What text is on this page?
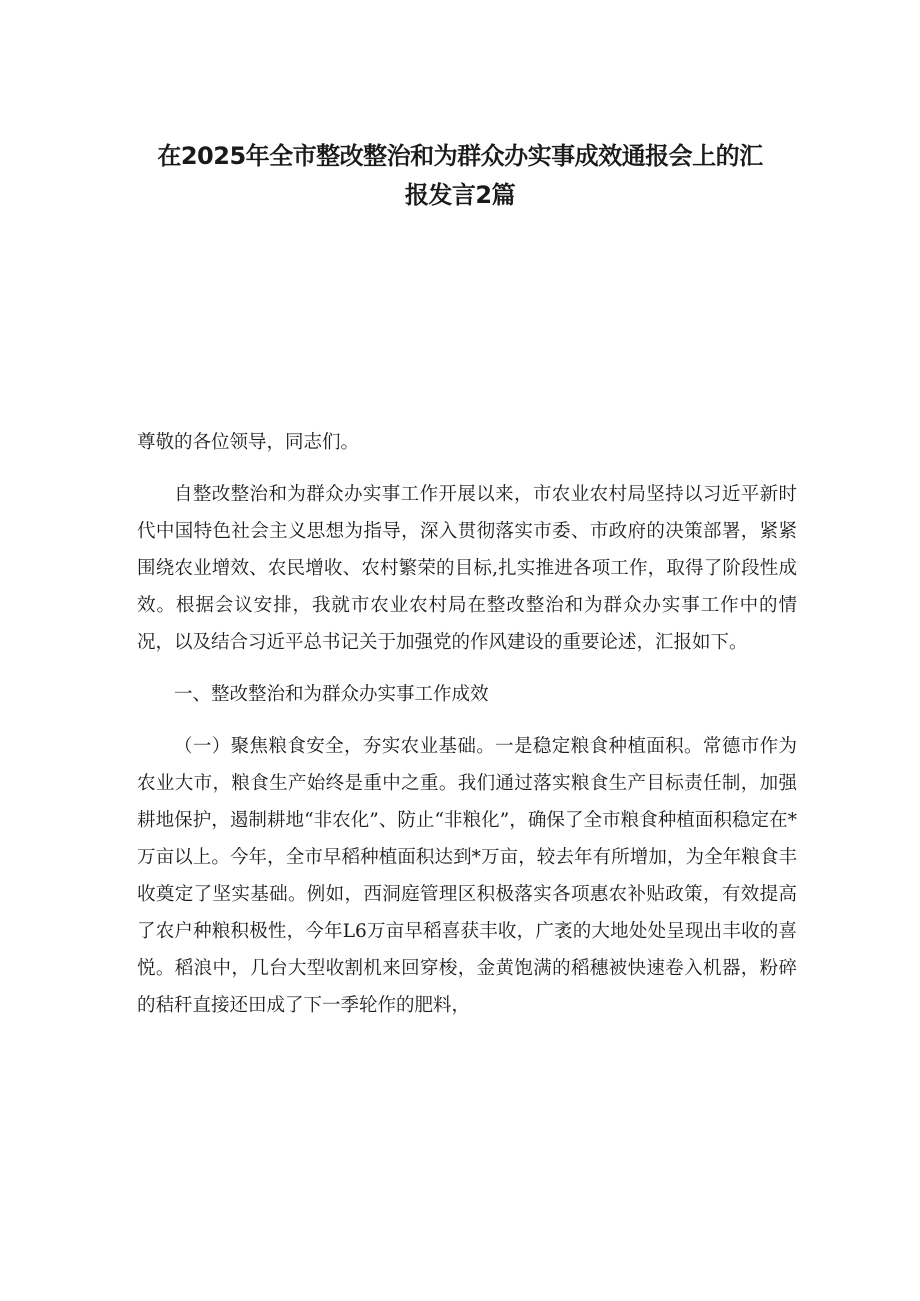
在2025年全市整改整治和为群众办实事成效通报会上的汇
报发言2篇

尊敬的各位领导，同志们。

自整改整治和为群众办实事工作开展以来，市农业农村局坚持以习近平新时代中国特色社会主义思想为指导，深入贯彻落实市委、市政府的决策部署，紧紧围绕农业增效、农民增收、农村繁荣的目标,扎实推进各项工作，取得了阶段性成效。根据会议安排，我就市农业农村局在整改整治和为群众办实事工作中的情况，以及结合习近平总书记关于加强党的作风建设的重要论述，汇报如下。

一、整改整治和为群众办实事工作成效

（一）聚焦粮食安全，夯实农业基础。一是稳定粮食种植面积。常德市作为农业大市，粮食生产始终是重中之重。我们通过落实粮食生产目标责任制，加强耕地保护，遏制耕地“非农化”、防止“非粮化”，确保了全市粮食种植面积稳定在*万亩以上。今年，全市早稻种植面积达到*万亩，较去年有所增加，为全年粮食丰收奠定了坚实基础。例如，西洞庭管理区积极落实各项惠农补贴政策，有效提高了农户种粮积极性，今年L6万亩早稻喜获丰收，广袤的大地处处呈现出丰收的喜悦。稻浪中，几台大型收割机来回穿梭，金黄饱满的稻穗被快速卷入机器，粉碎的秸秆直接还田成了下一季轮作的肥料，
